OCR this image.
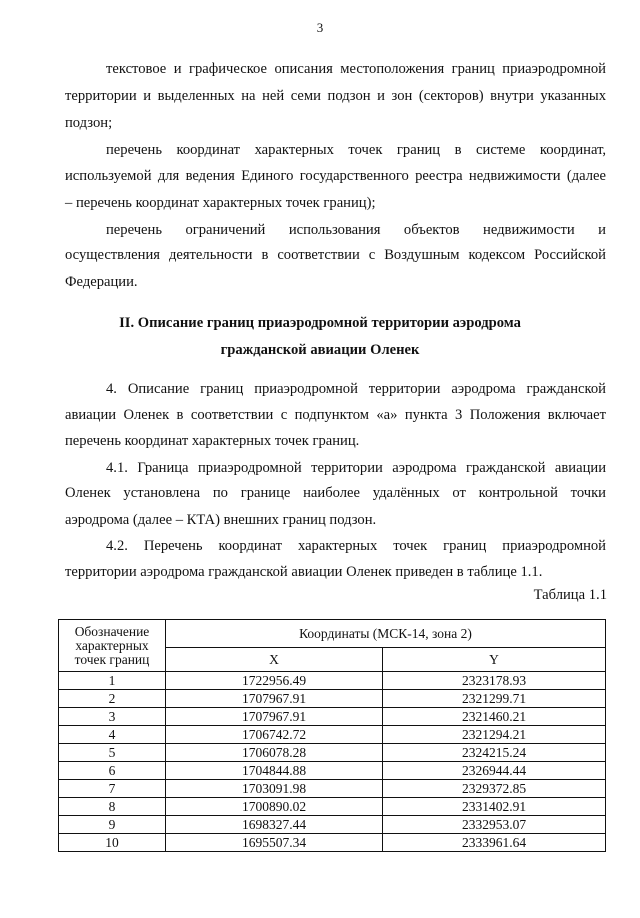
3
текстовое и графическое описания местоположения границ приаэродромной
территории и выделенных на ней семи подзон и зон (секторов) внутри указанных
подзон;
перечень координат характерных точек границ в системе координат,
используемой для ведения Единого государственного реестра недвижимости (далее
– перечень координат характерных точек границ);
перечень ограничений использования объектов недвижимости и
осуществления деятельности в соответствии с Воздушным кодексом Российской
Федерации.
II. Описание границ приаэродромной территории аэродрома
гражданской авиации Оленек
4. Описание границ приаэродромной территории аэродрома гражданской
авиации Оленек в соответствии с подпунктом «а» пункта 3 Положения включает
перечень координат характерных точек границ.
4.1. Граница приаэродромной территории аэродрома гражданской авиации
Оленек установлена по границе наиболее удалённых от контрольной точки
аэродрома (далее – КТА) внешних границ подзон.
4.2. Перечень координат характерных точек границ приаэродромной
территории аэродрома гражданской авиации Оленек приведен в таблице 1.1.
Таблица 1.1
Обозначение характерных точек границ	Координаты (МСК-14, зона 2)	
	X	Y
1	1722956.49	2323178.93
2	1707967.91	2321299.71
3	1707967.91	2321460.21
4	1706742.72	2321294.21
5	1706078.28	2324215.24
6	1704844.88	2326944.44
7	1703091.98	2329372.85
8	1700890.02	2331402.91
9	1698327.44	2332953.07
10	1695507.34	2333961.64
